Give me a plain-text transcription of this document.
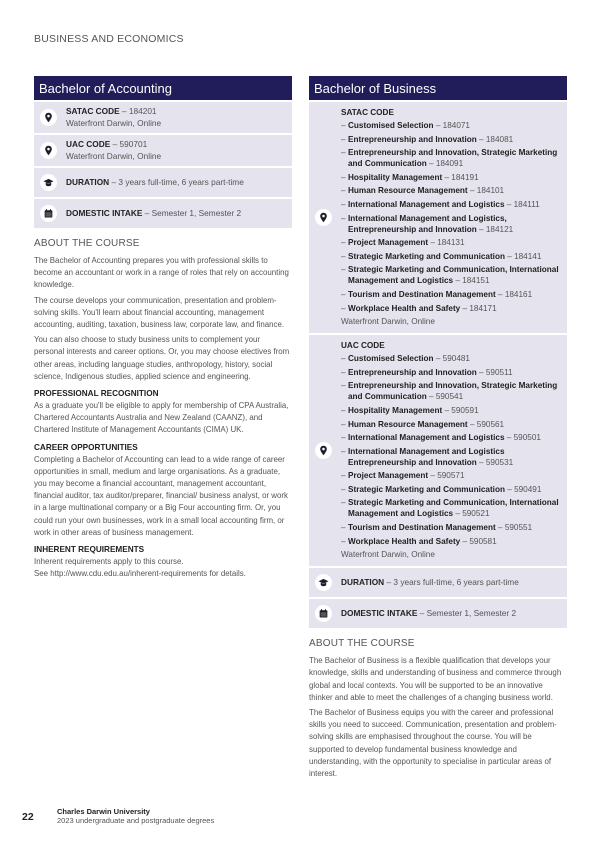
BUSINESS AND ECONOMICS
Bachelor of Accounting
SATAC CODE – 184201
Waterfront Darwin, Online
UAC CODE – 590701
Waterfront Darwin, Online
DURATION – 3 years full-time, 6 years part-time
DOMESTIC INTAKE – Semester 1, Semester 2
ABOUT THE COURSE

The Bachelor of Accounting prepares you with professional skills to become an accountant or work in a range of roles that rely on accounting knowledge.

The course develops your communication, presentation and problem-solving skills. You'll learn about financial accounting, management accounting, auditing, taxation, business law, corporate law, and finance.

You can also choose to study business units to complement your personal interests and career options. Or, you may choose electives from other areas, including language studies, anthropology, history, social science, Indigenous studies, applied science and engineering.

PROFESSIONAL RECOGNITION

As a graduate you'll be eligible to apply for membership of CPA Australia, Chartered Accountants Australia and New Zealand (CAANZ), and Chartered Institute of Management Accountants (CIMA) UK.

CAREER OPPORTUNITIES

Completing a Bachelor of Accounting can lead to a wide range of career opportunities in small, medium and large organisations. As a graduate, you may become a financial accountant, management accountant, financial auditor, tax auditor/preparer, financial/ business analyst, or work in a large multinational company or a Big Four accounting firm. Or, you could run your own businesses, work in a small local accounting firm, or work in other areas of business management.

INHERENT REQUIREMENTS

Inherent requirements apply to this course.

See http://www.cdu.edu.au/inherent-requirements for details.

Bachelor of Business
SATAC CODE
– Customised Selection – 184071
– Entrepreneurship and Innovation – 184081
– Entrepreneurship and Innovation, Strategic Marketing and Communication – 184091
– Hospitality Management – 184191
– Human Resource Management – 184101
– International Management and Logistics – 184111
– International Management and Logistics, Entrepreneurship and Innovation – 184121
– Project Management – 184131
– Strategic Marketing and Communication – 184141
– Strategic Marketing and Communication, International Management and Logistics – 184151
– Tourism and Destination Management – 184161
– Workplace Health and Safety – 184171
Waterfront Darwin, Online
UAC CODE
– Customised Selection – 590481
– Entrepreneurship and Innovation – 590511
– Entrepreneurship and Innovation, Strategic Marketing and Communication – 590541
– Hospitality Management – 590591
– Human Resource Management – 590561
– International Management and Logistics – 590501
– International Management and Logistics Entrepreneurship and Innovation – 590531
– Project Management – 590571
– Strategic Marketing and Communication – 590491
– Strategic Marketing and Communication, International Management and Logistics – 590521
– Tourism and Destination Management – 590551
– Workplace Health and Safety – 590581
Waterfront Darwin, Online
DURATION – 3 years full-time, 6 years part-time
DOMESTIC INTAKE – Semester 1, Semester 2
ABOUT THE COURSE

The Bachelor of Business is a flexible qualification that develops your knowledge, skills and understanding of business and commerce through global and local contexts. You will be supported to be an innovative thinker and able to meet the challenges of a changing business world.

The Bachelor of Business equips you with the career and professional skills you need to succeed. Communication, presentation and problem-solving skills are emphasised throughout the course. You will be supported to develop fundamental business knowledge and understanding, with the opportunity to specialise in particular areas of interest.

22	Charles Darwin University
2023 undergraduate and postgraduate degrees
